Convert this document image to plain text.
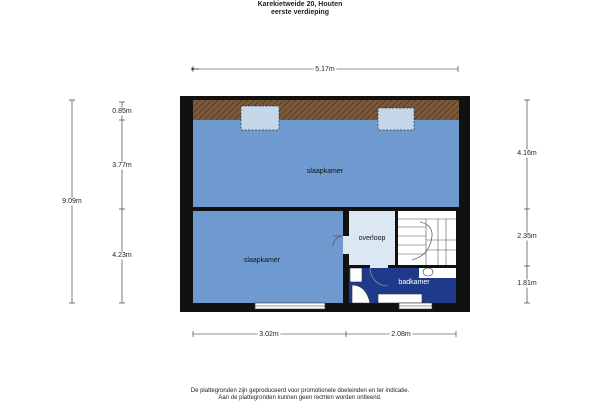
Karekietweide 20, Houten
eerste verdieping
slaapkamer
slaapkamer
overloop
badkamer
5.17m
9.09m
0.85m
3.77m
4.23m
4.16m
2.35m
1.81m
3.02m	2.08m
De plattegronden zijn geproduceerd voor promotionele doeleinden en ter indicatie.
Aan de plattegronden kunnen geen rechten worden ontleend.
